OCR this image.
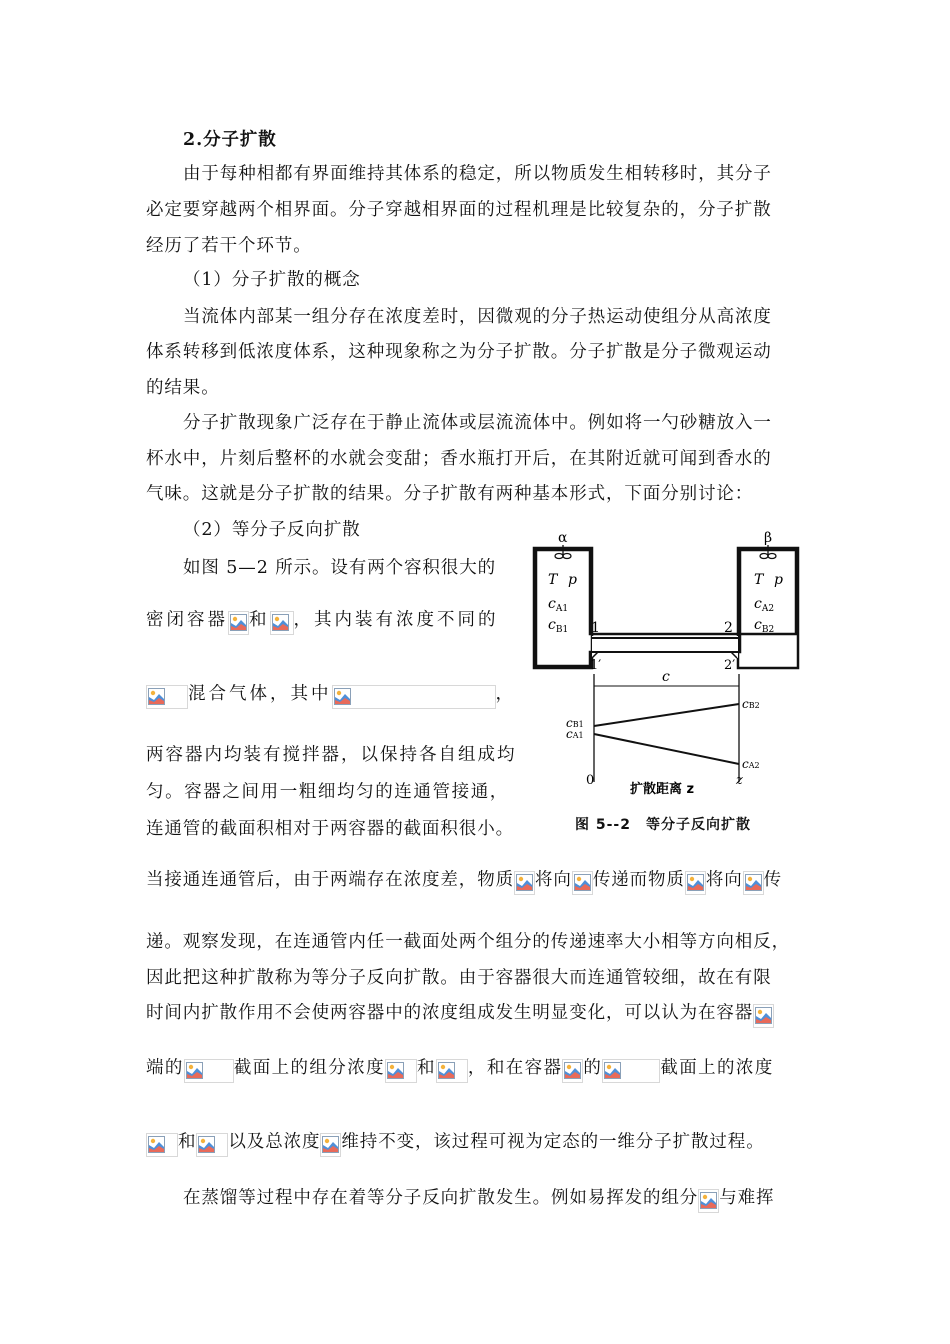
2.分子扩散
由于每种相都有界面维持其体系的稳定，所以物质发生相转移时，其分子
必定要穿越两个相界面。分子穿越相界面的过程机理是比较复杂的，分子扩散
经历了若干个环节。
（1）分子扩散的概念
当流体内部某一组分存在浓度差时，因微观的分子热运动使组分从高浓度
体系转移到低浓度体系，这种现象称之为分子扩散。分子扩散是分子微观运动
的结果。
分子扩散现象广泛存在于静止流体或层流流体中。例如将一勺砂糖放入一
杯水中，片刻后整杯的水就会变甜；香水瓶打开后，在其附近就可闻到香水的
气味。这就是分子扩散的结果。分子扩散有两种基本形式，下面分别讨论：
（2）等分子反向扩散
如图 5—2 所示。设有两个容积很大的
密闭容器 和 ，其内装有浓度不同的
混合气体，其中	，
两容器内均装有搅拌器，以保持各自组成均
匀。容器之间用一粗细均匀的连通管接通，
连通管的截面积相对于两容器的截面积很小。
α	β
T p	T p
$c_{A1}$
$c_{B1}$
$c_{A2}$
$c_{B2}$
1	2
1′	2′
c
cB1
cA1
cB2
cA2
0
扩散距离 z
z
图 5--2　等分子反向扩散
当接通连通管后，由于两端存在浓度差，物质 将向 传递而物质 将向 传
递。观察发现，在连通管内任一截面处两个组分的传递速率大小相等方向相反，
因此把这种扩散称为等分子反向扩散。由于容器很大而连通管较细，故在有限
时间内扩散作用不会使两容器中的浓度组成发生明显变化，可以认为在容器
端的	截面上的组分浓度 和 ，和在容器 的	截面上的浓度
和 以及总浓度 维持不变，该过程可视为定态的一维分子扩散过程。
在蒸馏等过程中存在着等分子反向扩散发生。例如易挥发的组分 与难挥
